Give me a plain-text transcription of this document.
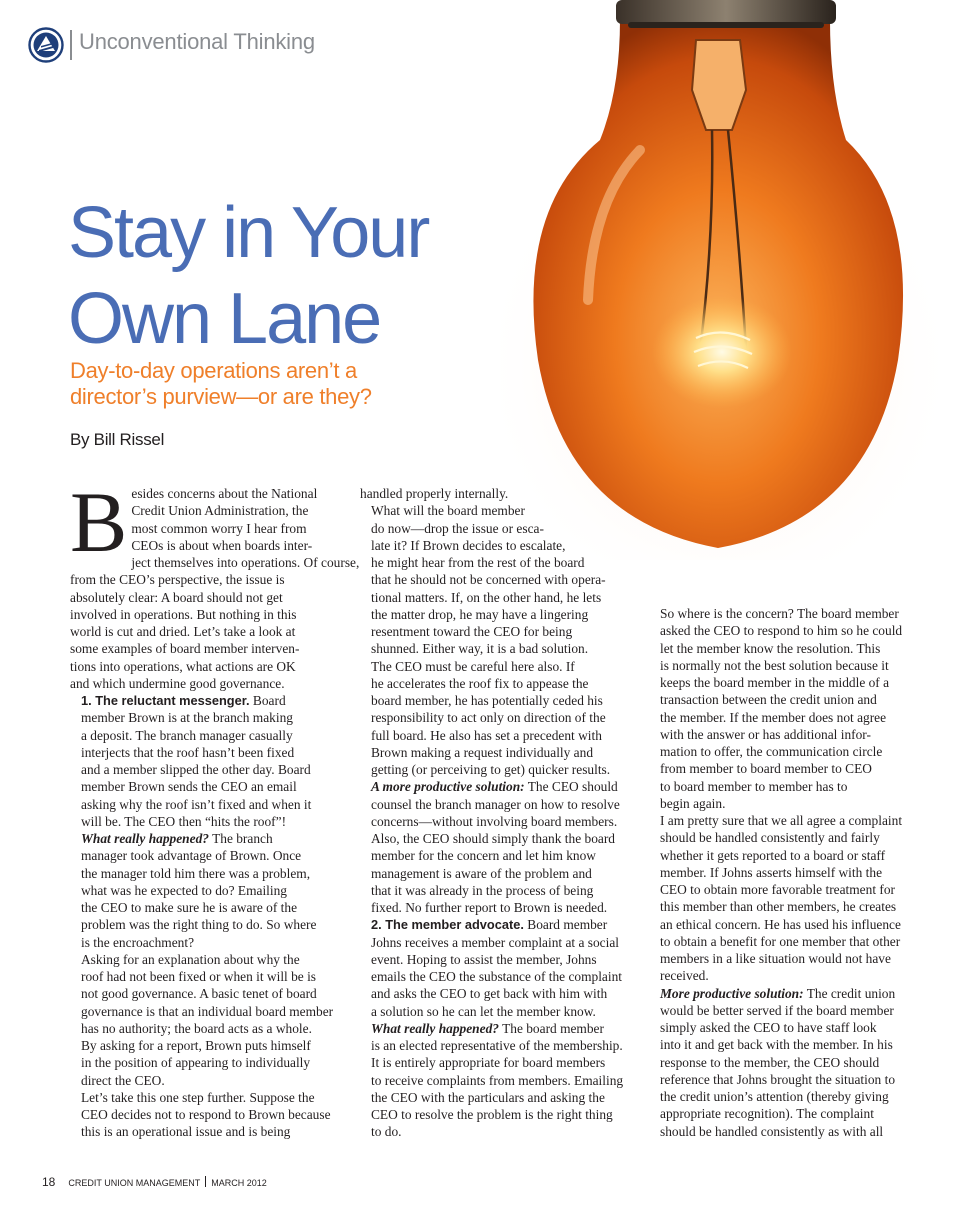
Unconventional Thinking
Stay in Your
Own Lane
Day-to-day operations aren’t a
director’s purview—or are they?
By Bill Rissel

B esides concerns about the National
Credit Union Administration, the
most common worry I hear from
CEOs is about when boards inter-
ject themselves into operations. Of course,
from the CEO’s perspective, the issue is
absolutely clear: A board should not get
involved in operations. But nothing in this
world is cut and dried. Let’s take a look at
some examples of board member interven-
tions into operations, what actions are OK
and which undermine good governance.

1. The reluctant messenger. Board
member Brown is at the branch making
a deposit. The branch manager casually
interjects that the roof hasn’t been fixed
and a member slipped the other day. Board
member Brown sends the CEO an email
asking why the roof isn’t fixed and when it
will be. The CEO then “hits the roof”!

What really happened? The branch
manager took advantage of Brown. Once
the manager told him there was a problem,
what was he expected to do? Emailing
the CEO to make sure he is aware of the
problem was the right thing to do. So where
is the encroachment?

Asking for an explanation about why the
roof had not been fixed or when it will be is
not good governance. A basic tenet of board
governance is that an individual board member
has no authority; the board acts as a whole.
By asking for a report, Brown puts himself
in the position of appearing to individually
direct the CEO.

Let’s take this one step further. Suppose the
CEO decides not to respond to Brown because
this is an operational issue and is being

handled properly internally.

What will the board member
do now—drop the issue or esca-
late it? If Brown decides to escalate,
he might hear from the rest of the board
that he should not be concerned with opera-
tional matters. If, on the other hand, he lets
the matter drop, he may have a lingering
resentment toward the CEO for being
shunned. Either way, it is a bad solution.

The CEO must be careful here also. If
he accelerates the roof fix to appease the
board member, he has potentially ceded his
responsibility to act only on direction of the
full board. He also has set a precedent with
Brown making a request individually and
getting (or perceiving to get) quicker results.

A more productive solution: The CEO should
counsel the branch manager on how to resolve
concerns—without involving board members.
Also, the CEO should simply thank the board
member for the concern and let him know
management is aware of the problem and
that it was already in the process of being
fixed. No further report to Brown is needed.

2. The member advocate. Board member
Johns receives a member complaint at a social
event. Hoping to assist the member, Johns
emails the CEO the substance of the complaint
and asks the CEO to get back with him with
a solution so he can let the member know.

What really happened? The board member
is an elected representative of the membership.
It is entirely appropriate for board members
to receive complaints from members. Emailing
the CEO with the particulars and asking the
CEO to resolve the problem is the right thing
to do.

So where is the concern? The board member
asked the CEO to respond to him so he could
let the member know the resolution. This
is normally not the best solution because it
keeps the board member in the middle of a
transaction between the credit union and
the member. If the member does not agree
with the answer or has additional infor-
mation to offer, the communication circle
from member to board member to CEO
to board member to member has to
begin again.

I am pretty sure that we all agree a complaint
should be handled consistently and fairly
whether it gets reported to a board or staff
member. If Johns asserts himself with the
CEO to obtain more favorable treatment for
this member than other members, he creates
an ethical concern. He has used his influence
to obtain a benefit for one member that other
members in a like situation would not have
received.

More productive solution: The credit union
would be better served if the board member
simply asked the CEO to have staff look
into it and get back with the member. In his
response to the member, the CEO should
reference that Johns brought the situation to
the credit union’s attention (thereby giving
appropriate recognition). The complaint
should be handled consistently as with all

18 CREDIT UNION MANAGEMENT MARCH 2012
